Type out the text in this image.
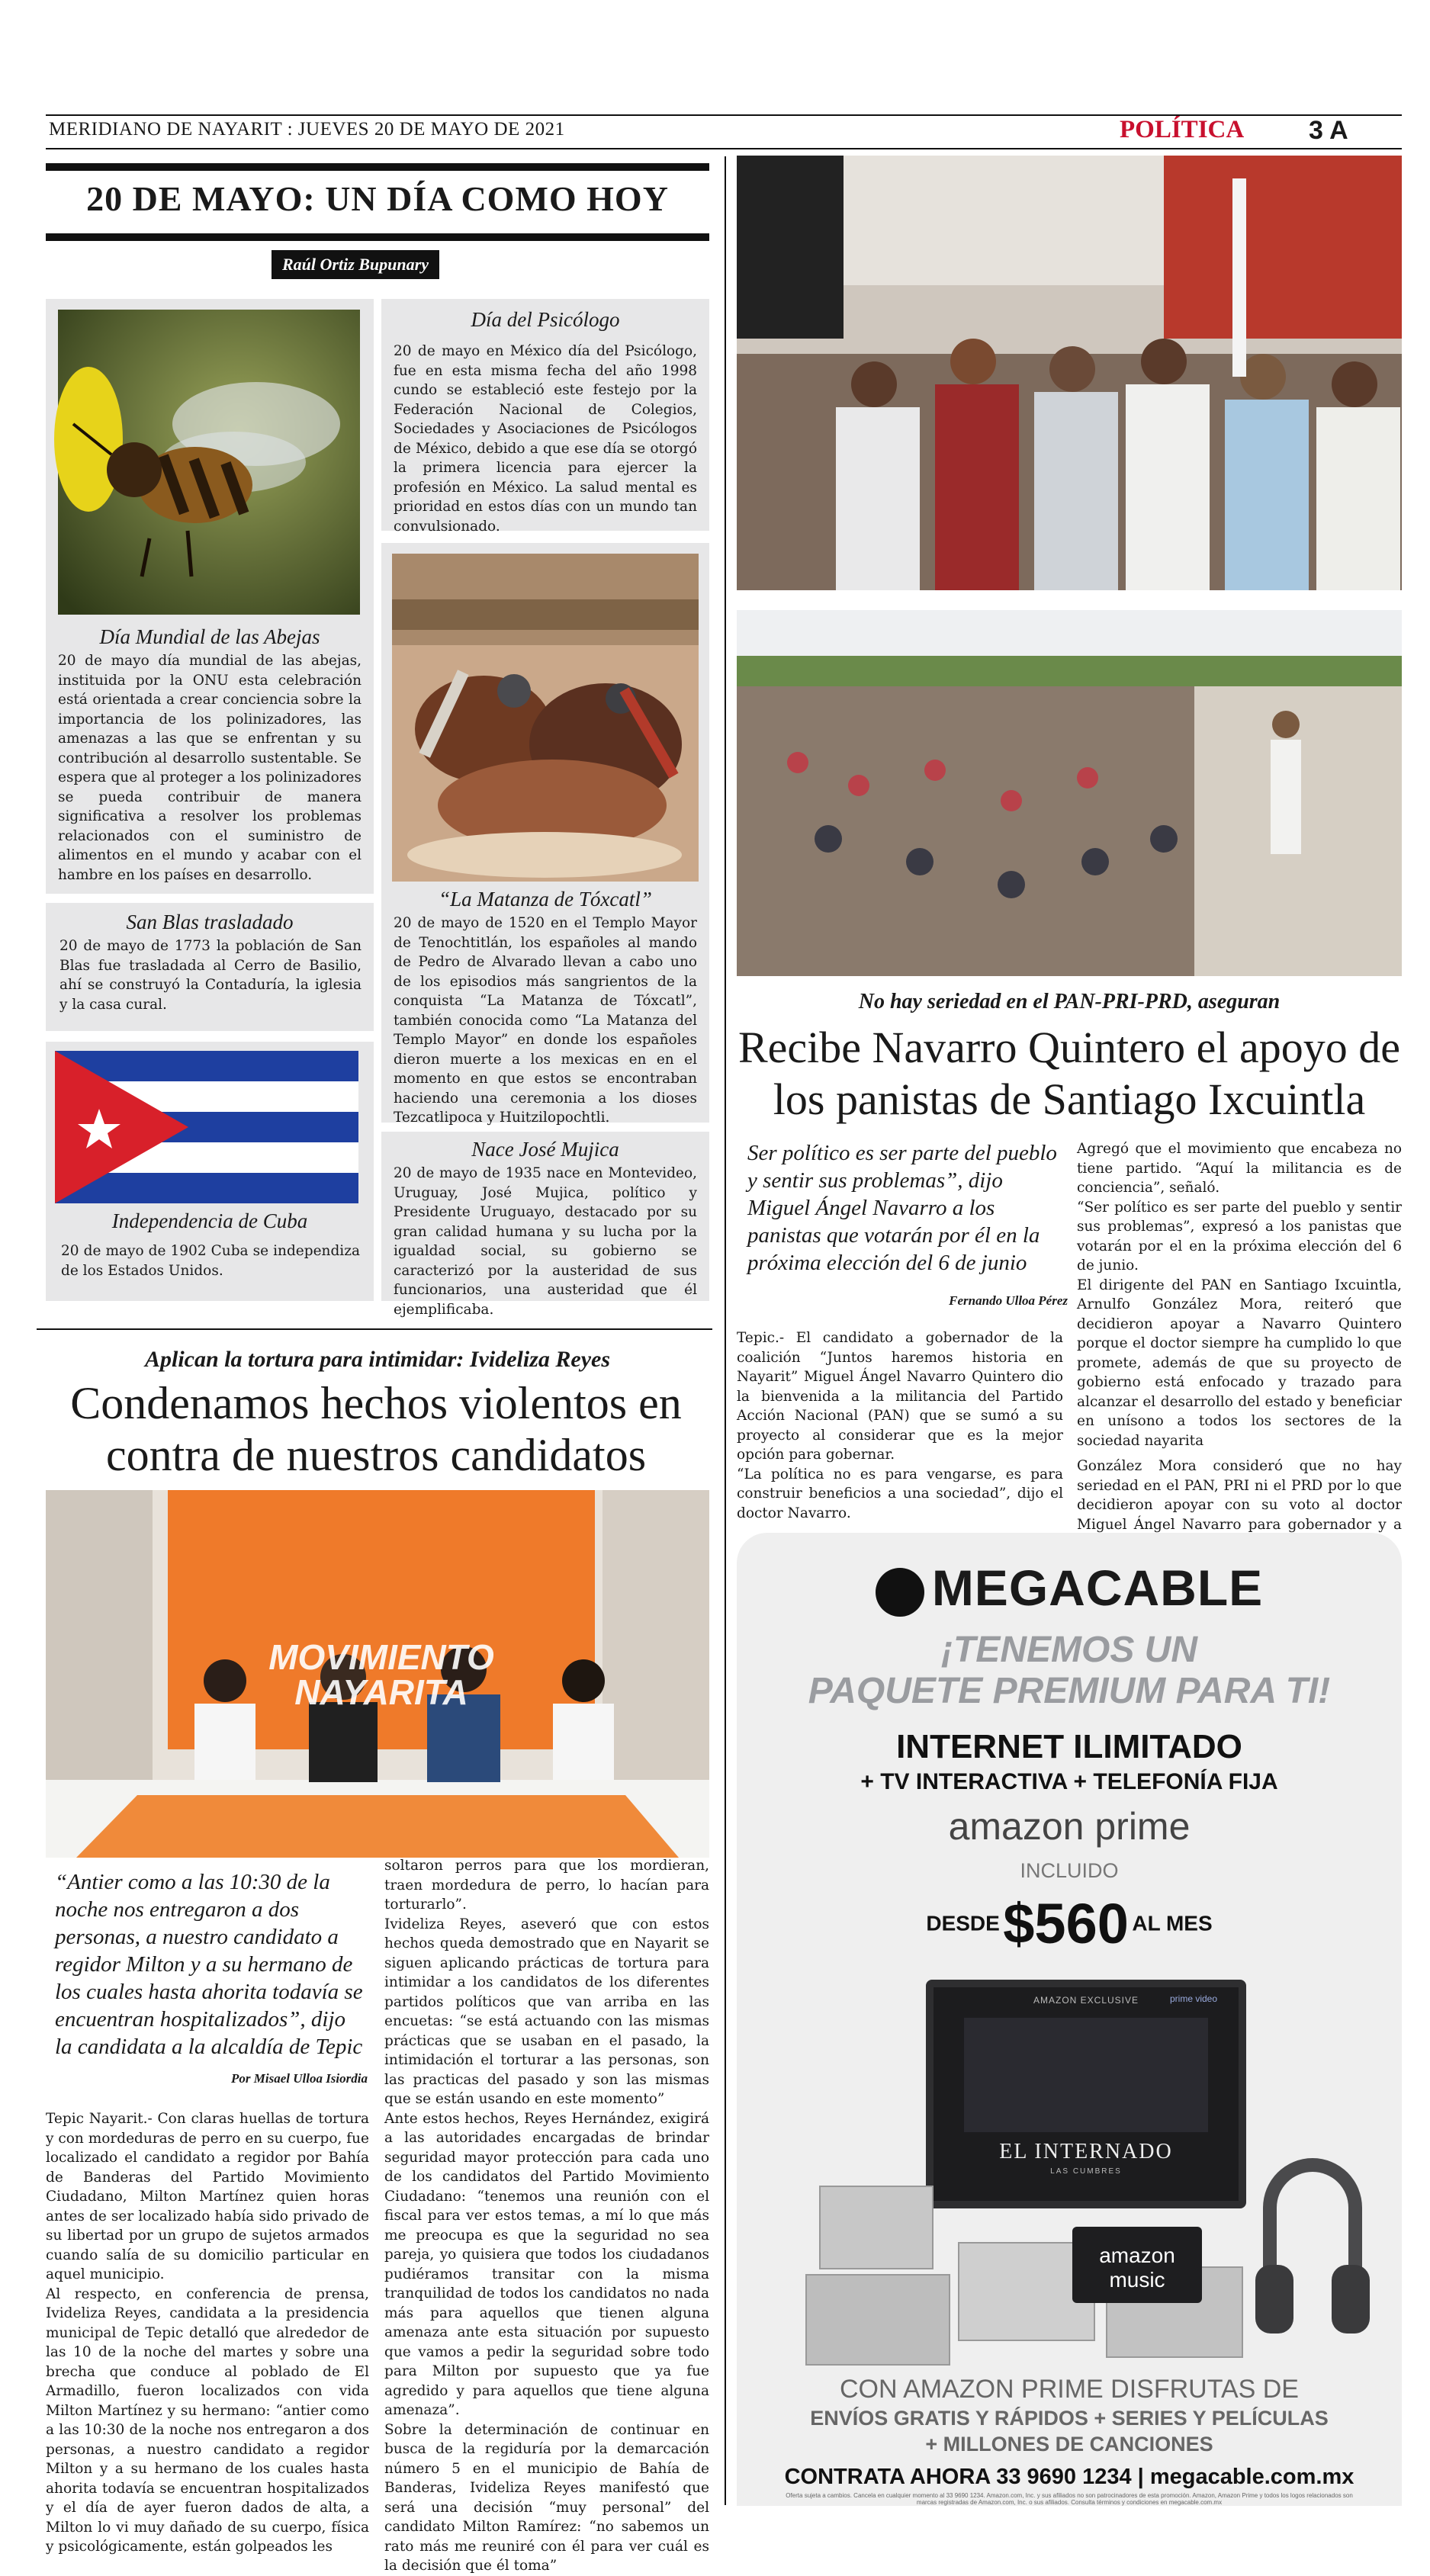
MERIDIANO DE NAYARIT : JUEVES 20 DE MAYO DE 2021	POLÍTICA 3 A
20 DE MAYO: UN DÍA COMO HOY
Raúl Ortiz Bupunary
Día Mundial de las Abejas
20 de mayo día mundial de las abejas, instituida por la ONU esta celebración está orientada a crear conciencia sobre la importancia de los polinizadores, las amenazas a las que se enfrentan y su contribución al desarrollo sustentable. Se espera que al proteger a los polinizadores se pueda contribuir de manera significativa a resolver los problemas relacionados con el suministro de alimentos en el mundo y acabar con el hambre en los países en desarrollo.
Día del Psicólogo
20 de mayo en México día del Psicólogo, fue en esta misma fecha del año 1998 cundo se estableció este festejo por la Federación Nacional de Colegios, Sociedades y Asociaciones de Psicólogos de México, debido a que ese día se otorgó la primera licencia para ejercer la profesión en México. La salud mental es prioridad en estos días con un mundo tan convulsionado.
“La Matanza de Tóxcatl”
20 de mayo de 1520 en el Templo Mayor de Tenochtitlán, los españoles al mando de Pedro de Alvarado llevan a cabo uno de los episodios más sangrientos de la conquista “La Matanza de Tóxcatl”, también conocida como “La Matanza del Templo Mayor” en donde los españoles dieron muerte a los mexicas en en el momento en que estos se encontraban haciendo una ceremonia a los dioses Tezcatlipoca y Huitzilopochtli.
San Blas trasladado
20 de mayo de 1773 la población de San Blas fue trasladada al Cerro de Basilio, ahí se construyó la Contaduría, la iglesia y la casa cural.
Independencia de Cuba
20 de mayo de 1902 Cuba se independiza de los Estados Unidos.
Nace José Mujica
20 de mayo de 1935 nace en Montevideo, Uruguay, José Mujica, político y Presidente Uruguayo, destacado por su gran calidad humana y su lucha por la igualdad social, su gobierno se caracterizó por la austeridad de sus funcionarios, una austeridad que él ejemplificaba.
Aplican la tortura para intimidar: Ivideliza Reyes
Condenamos hechos violentos en contra de nuestros candidatos
MOVIMIENTO NAYARITA
“Antier como a las 10:30 de la noche nos entregaron a dos personas, a nuestro candidato a regidor Milton y a su hermano de los cuales hasta ahorita todavía se encuentran hospitalizados”, dijo la candidata a la alcaldía de Tepic
Por Misael Ulloa Isiordia

Tepic Nayarit.- Con claras huellas de tortura y con mordeduras de perro en su cuerpo, fue localizado el candidato a regidor por Bahía de Banderas del Partido Movimiento Ciudadano, Milton Martínez quien horas antes de ser localizado había sido privado de su libertad por un grupo de sujetos armados cuando salía de su domicilio particular en aquel municipio.

Al respecto, en conferencia de prensa, Ivideliza Reyes, candidata a la presidencia municipal de Tepic detalló que alrededor de las 10 de la noche del martes y sobre una brecha que conduce al poblado de El Armadillo, fueron localizados con vida Milton Martínez y su hermano: “antier como a las 10:30 de la noche nos entregaron a dos personas, a nuestro candidato a regidor Milton y a su hermano de los cuales hasta ahorita todavía se encuentran hospitalizados y el día de ayer fueron dados de alta, a Milton lo vi muy dañado de su cuerpo, física y psicológicamente, están golpeados les

soltaron perros para que los mordieran, traen mordedura de perro, lo hacían para torturarlo”.

Ivideliza Reyes, aseveró que con estos hechos queda demostrado que en Nayarit se siguen aplicando prácticas de tortura para intimidar a los candidatos de los diferentes partidos políticos que van arriba en las encuetas: “se está actuando con las mismas prácticas que se usaban en el pasado, la intimidación el torturar a las personas, son las practicas del pasado y son las mismas que se están usando en este momento”

Ante estos hechos, Reyes Hernández, exigirá a las autoridades encargadas de brindar seguridad mayor protección para cada uno de los candidatos del Partido Movimiento Ciudadano: “tenemos una reunión con el fiscal para ver estos temas, a mí lo que más me preocupa es que la seguridad no sea pareja, yo quisiera que todos los ciudadanos pudiéramos transitar con la misma tranquilidad de todos los candidatos no nada más para aquellos que tienen alguna amenaza ante esta situación por supuesto que vamos a pedir la seguridad sobre todo para Milton por supuesto que ya fue agredido y para aquellos que tiene alguna amenaza”.

Sobre la determinación de continuar en busca de la regiduría por la demarcación número 5 en el municipio de Bahía de Banderas, Ivideliza Reyes manifestó que será una decisión “muy personal” del candidato Milton Ramírez: “no sabemos un rato más me reuniré con él para ver cuál es la decisión que él toma”

No hay seriedad en el PAN-PRI-PRD, aseguran
Recibe Navarro Quintero el apoyo de los panistas de Santiago Ixcuintla
Ser político es ser parte del pueblo y sentir sus problemas”, dijo Miguel Ángel Navarro a los panistas que votarán por él en la próxima elección del 6 de junio
Fernando Ulloa Pérez

Tepic.- El candidato a gobernador de la coalición “Juntos haremos historia en Nayarit” Miguel Ángel Navarro Quintero dio la bienvenida a la militancia del Partido Acción Nacional (PAN) que se sumó a su proyecto al considerar que es la mejor opción para gobernar.

“La política no es para vengarse, es para construir beneficios a una sociedad”, dijo el doctor Navarro.

Agregó que el movimiento que encabeza no tiene partido. “Aquí la militancia es de conciencia”, señaló.

“Ser político es ser parte del pueblo y sentir sus problemas”, expresó a los panistas que votarán por el en la próxima elección del 6 de junio.

El dirigente del PAN en Santiago Ixcuintla, Arnulfo González Mora, reiteró que decidieron apoyar a Navarro Quintero porque el doctor siempre ha cumplido lo que promete, además de que su proyecto de gobierno está enfocado y trazado para alcanzar el desarrollo del estado y beneficiar en unísono a todos los sectores de la sociedad nayarita

González Mora consideró que no hay seriedad en el PAN, PRI ni el PRD por lo que decidieron apoyar con su voto al doctor Miguel Ángel Navarro para gobernador y a

MEGACABLE
¡TENEMOS UN
PAQUETE PREMIUM PARA TI!
INTERNET ILIMITADO
+ TV INTERACTIVA + TELEFONÍA FIJA
amazon prime
INCLUIDO
DESDE $560 AL MES
AMAZON EXCLUSIVE	prime video
EL INTERNADO
LAS CUMBRES
amazon music
CON AMAZON PRIME DISFRUTAS DE
ENVÍOS GRATIS Y RÁPIDOS + SERIES Y PELÍCULAS
+ MILLONES DE CANCIONES
CONTRATA AHORA 33 9690 1234 | megacable.com.mx
Oferta sujeta a cambios. Cancela en cualquier momento al 33 9690 1234. Amazon.com, Inc. y sus afiliados no son patrocinadores de esta promoción. Amazon, Amazon Prime y todos los logos relacionados son marcas registradas de Amazon.com, Inc. o sus afiliados. Consulta términos y condiciones en megacable.com.mx
